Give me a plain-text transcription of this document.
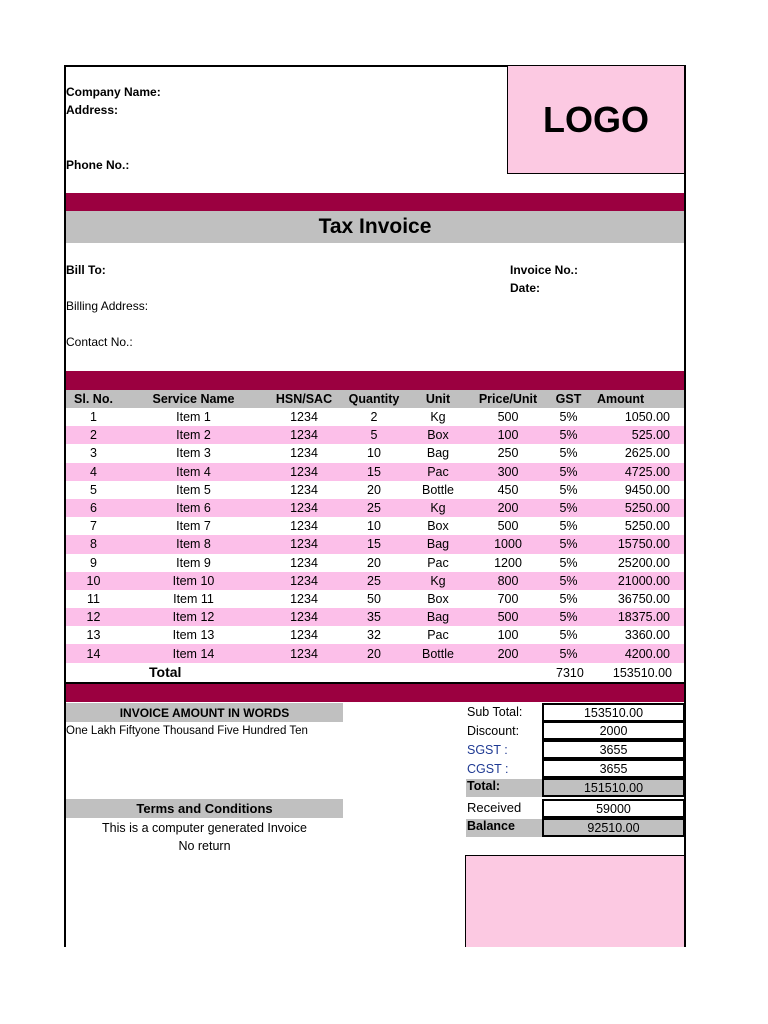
Company Name:
Address:
Phone No.:
LOGO
Tax Invoice
Bill To:
Billing Address:
Contact No.:
Invoice No.:
Date:
Sl. No.	Service Name	HSN/SAC	Quantity	Unit	Price/Unit	GST	Amount
1	Item 1	1234	2	Kg	500	5%	1050.00
2	Item 2	1234	5	Box	100	5%	525.00
3	Item 3	1234	10	Bag	250	5%	2625.00
4	Item 4	1234	15	Pac	300	5%	4725.00
5	Item 5	1234	20	Bottle	450	5%	9450.00
6	Item 6	1234	25	Kg	200	5%	5250.00
7	Item 7	1234	10	Box	500	5%	5250.00
8	Item 8	1234	15	Bag	1000	5%	15750.00
9	Item 9	1234	20	Pac	1200	5%	25200.00
10	Item 10	1234	25	Kg	800	5%	21000.00
11	Item 11	1234	50	Box	700	5%	36750.00
12	Item 12	1234	35	Bag	500	5%	18375.00
13	Item 13	1234	32	Pac	100	5%	3360.00
14	Item 14	1234	20	Bottle	200	5%	4200.00
Total	7310 153510.00
INVOICE AMOUNT IN WORDS
One Lakh Fiftyone Thousand Five Hundred Ten
Terms and Conditions
This is a computer generated Invoice
No return
Sub Total:	153510.00
Discount:	2000
SGST :	3655
CGST :	3655
Total:	151510.00
Received	59000
Balance	92510.00
